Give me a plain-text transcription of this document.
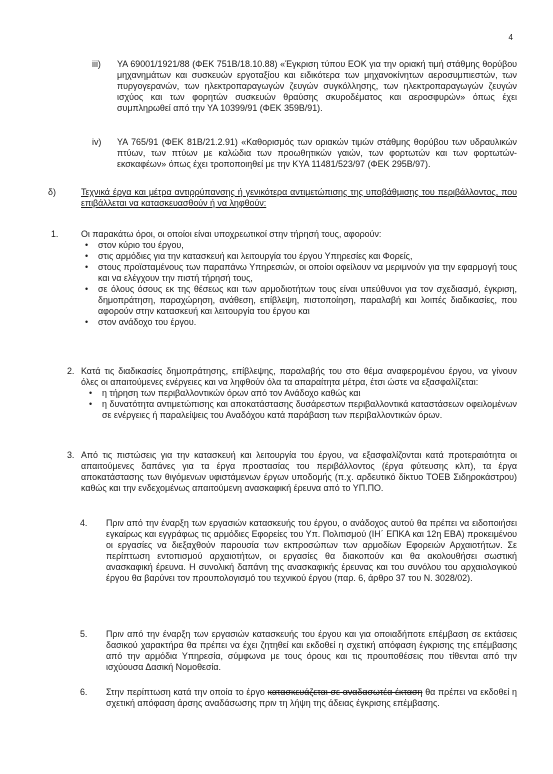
4
iii) ΥΑ 69001/1921/88 (ΦΕΚ 751Β/18.10.88) «Έγκριση τύπου ΕΟΚ για την οριακή τιμή στάθμης θορύβου μηχανημάτων και συσκευών εργοταξίου και ειδικότερα των μηχανοκίνητων αεροσυμπιεστών, των πυργογερανών, των ηλεκτροπαραγωγών ζευγών συγκόλλησης, των ηλεκτροπαραγωγών ζευγών ισχύος και των φορητών συσκευών θραύσης σκυροδέματος και αεροσφυρών» όπως έχει συμπληρωθεί από την ΥΑ 10399/91 (ΦΕΚ 359Β/91).
iv) ΥΑ 765/91 (ΦΕΚ 81Β/21.2.91) «Καθορισμός των οριακών τιμών στάθμης θορύβου των υδραυλικών πτύων, των πτύων με καλώδια των προωθητικών γαιών, των φορτωτών και των φορτωτών-εκσκαφέων» όπως έχει τροποποιηθεί με την ΚΥΑ 11481/523/97 (ΦΕΚ 295Β/97).
δ)	Τεχνικά έργα και μέτρα αντιρρύπανσης ή γενικότερα αντιμετώπισης της υποβάθμισης του περιβάλλοντος, που επιβάλλεται να κατασκευασθούν ή να ληφθούν:
1.	Οι παρακάτω όροι, οι οποίοι είναι υποχρεωτικοί στην τήρησή τους, αφορούν:
• στον κύριο του έργου,
• στις αρμόδιες για την κατασκευή και λειτουργία του έργου Υπηρεσίες και Φορείς,
• στους προϊσταμένους των παραπάνω Υπηρεσιών, οι οποίοι οφείλουν να μεριμνούν για την εφαρμογή τους και να ελέγχουν την πιστή τήρησή τους,
• σε όλους όσους εκ της θέσεως και των αρμοδιοτήτων τους είναι υπεύθυνοι για τον σχεδιασμό, έγκριση, δημοπράτηση, παραχώρηση, ανάθεση, επίβλεψη, πιστοποίηση, παραλαβή και λοιπές διαδικασίες, που αφορούν στην κατασκευή και λειτουργία του έργου και
• στον ανάδοχο του έργου.
2. Κατά τις διαδικασίες δημοπράτησης, επίβλεψης, παραλαβής του στο θέμα αναφερομένου έργου, να γίνουν όλες οι απαιτούμενες ενέργειες και να ληφθούν όλα τα απαραίτητα μέτρα, έτσι ώστε να εξασφαλίζεται:
• η τήρηση των περιβαλλοντικών όρων από τον Ανάδοχο καθώς και
• η δυνατότητα αντιμετώπισης και αποκατάστασης δυσάρεστων περιβαλλοντικά καταστάσεων οφειλομένων σε ενέργειες ή παραλείψεις του Αναδόχου κατά παράβαση των περιβαλλοντικών όρων.
3. Από τις πιστώσεις για την κατασκευή και λειτουργία του έργου, να εξασφαλίζονται κατά προτεραιότητα οι απαιτούμενες δαπάνες για τα έργα προστασίας του περιβάλλοντος (έργα φύτευσης κλπ), τα έργα αποκατάστασης των θιγόμενων υφιστάμενων έργων υποδομής (π.χ. αρδευτικό δίκτυο ΤΟΕΒ Σιδηροκάστρου) καθώς και την ενδεχομένως απαιτούμενη ανασκαφική έρευνα από το ΥΠ.ΠΟ.
4. Πριν από την έναρξη των εργασιών κατασκευής του έργου, ο ανάδοχος αυτού θα πρέπει να ειδοποιήσει εγκαίρως και εγγράφως τις αρμόδιες Εφορείες του Υπ. Πολιτισμού (ΙΗ΄ ΕΠΚΑ και 12η ΕΒΑ) προκειμένου οι εργασίες να διεξαχθούν παρουσία των εκπροσώπων των αρμοδίων Εφορειών Αρχαιοτήτων. Σε περίπτωση εντοπισμού αρχαιοτήτων, οι εργασίες θα διακοπούν και θα ακολουθήσει σωστική ανασκαφική έρευνα. Η συνολική δαπάνη της ανασκαφικής έρευνας και του συνόλου του αρχαιολογικού έργου θα βαρύνει τον προυπολογισμό του τεχνικού έργου (παρ. 6, άρθρο 37 του Ν. 3028/02).
5. Πριν από την έναρξη των εργασιών κατασκευής του έργου και για οποιαδήποτε επέμβαση σε εκτάσεις δασικού χαρακτήρα θα πρέπει να έχει ζητηθεί και εκδοθεί η σχετική απόφαση έγκρισης της επέμβασης από την αρμόδια Υπηρεσία, σύμφωνα με τους όρους και τις προυποθέσεις που τίθενται από την ισχύουσα Δασική Νομοθεσία.
6. Στην περίπτωση κατά την οποία το έργο κατασκευάζεται σε αναδασωτέα έκταση θα πρέπει να εκδοθεί η σχετική απόφαση άρσης αναδάσωσης πριν τη λήψη της άδειας έγκρισης επέμβασης.
